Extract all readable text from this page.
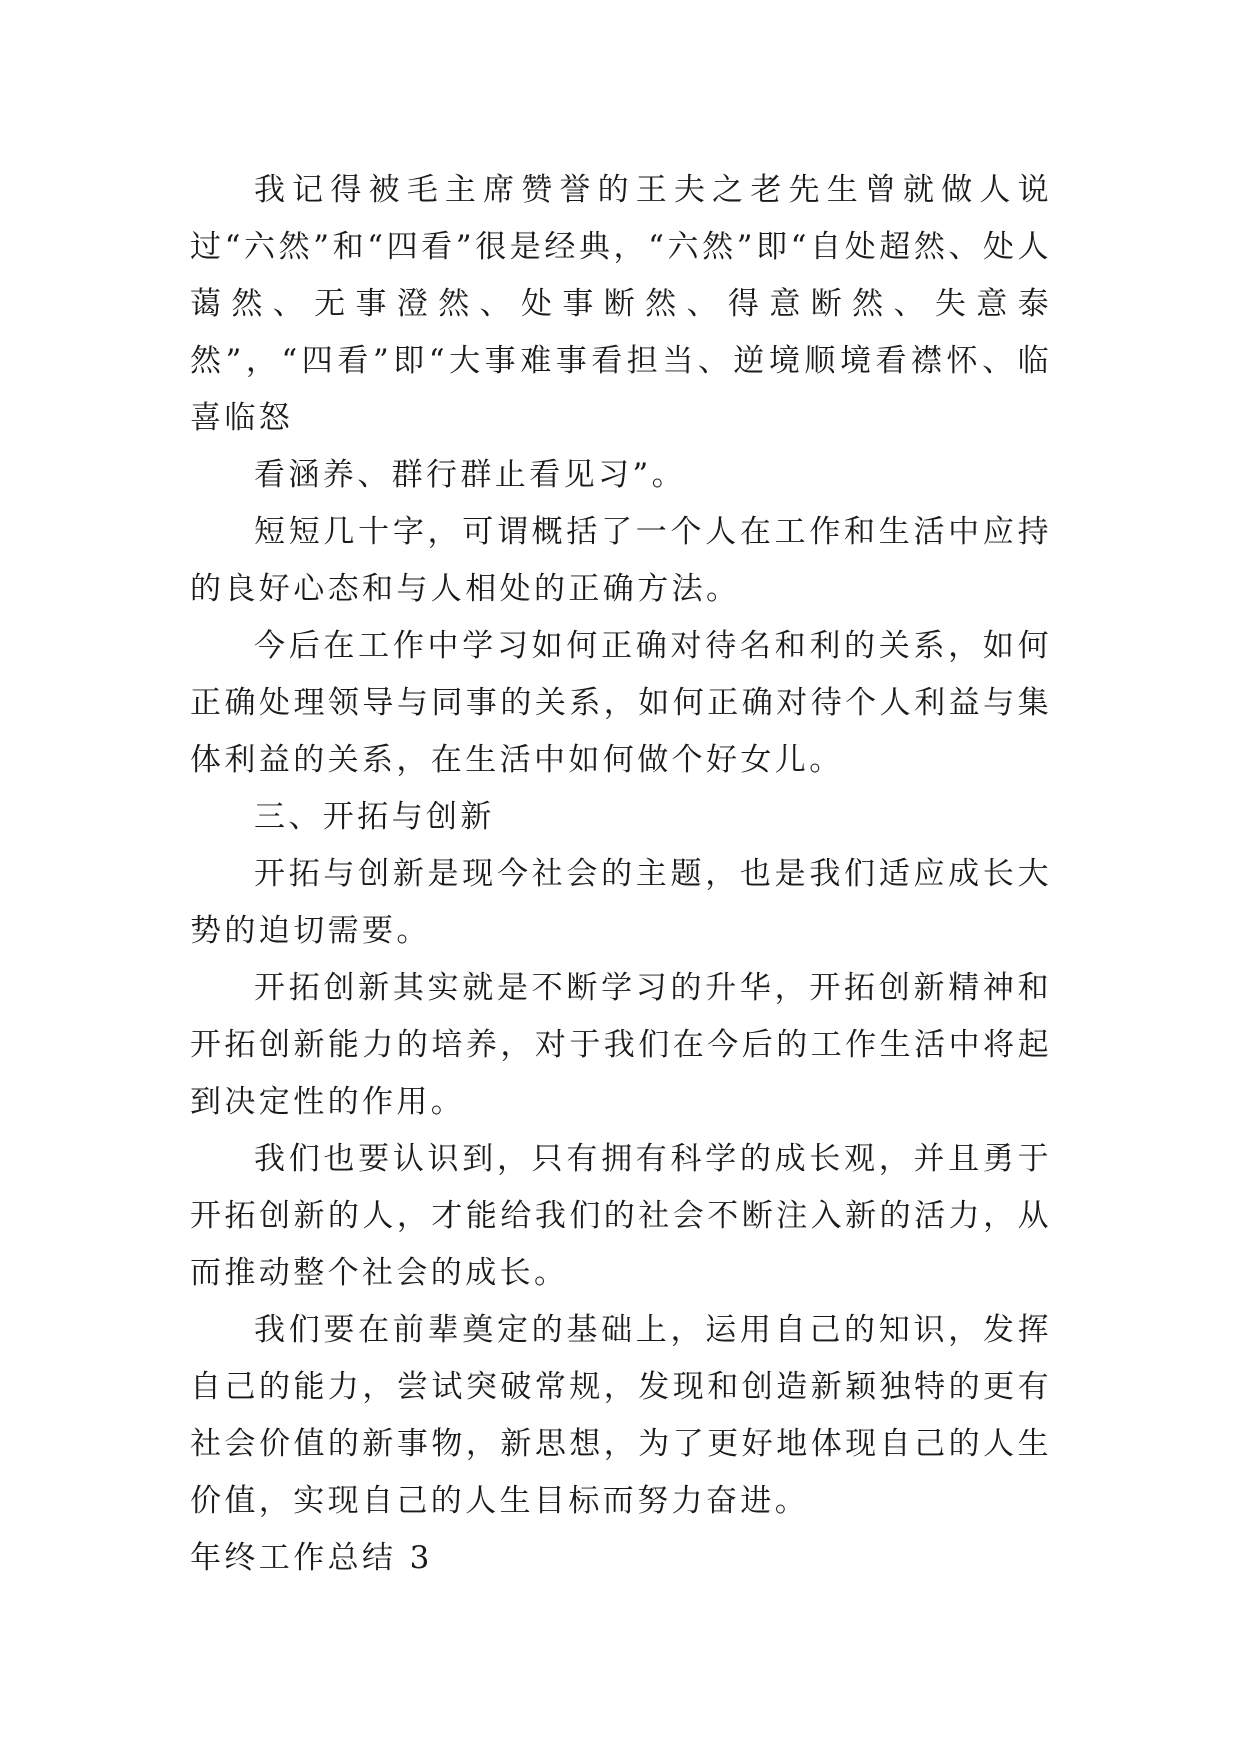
我记得被毛主席赞誉的王夫之老先生曾就做人说过“六然”和“四看”很是经典，“六然”即“自处超然、处人蔼然、无事澄然、处事断然、得意断然、失意泰然”，“四看”即“大事难事看担当、逆境顺境看襟怀、临喜临怒

看涵养、群行群止看见习”。

短短几十字，可谓概括了一个人在工作和生活中应持的良好心态和与人相处的正确方法。

今后在工作中学习如何正确对待名和利的关系，如何正确处理领导与同事的关系，如何正确对待个人利益与集体利益的关系，在生活中如何做个好女儿。

三、开拓与创新

开拓与创新是现今社会的主题，也是我们适应成长大势的迫切需要。

开拓创新其实就是不断学习的升华，开拓创新精神和开拓创新能力的培养，对于我们在今后的工作生活中将起到决定性的作用。

我们也要认识到，只有拥有科学的成长观，并且勇于开拓创新的人，才能给我们的社会不断注入新的活力，从而推动整个社会的成长。

我们要在前辈奠定的基础上，运用自己的知识，发挥自己的能力，尝试突破常规，发现和创造新颖独特的更有社会价值的新事物，新思想，为了更好地体现自己的人生价值，实现自己的人生目标而努力奋进。

年终工作总结 3
